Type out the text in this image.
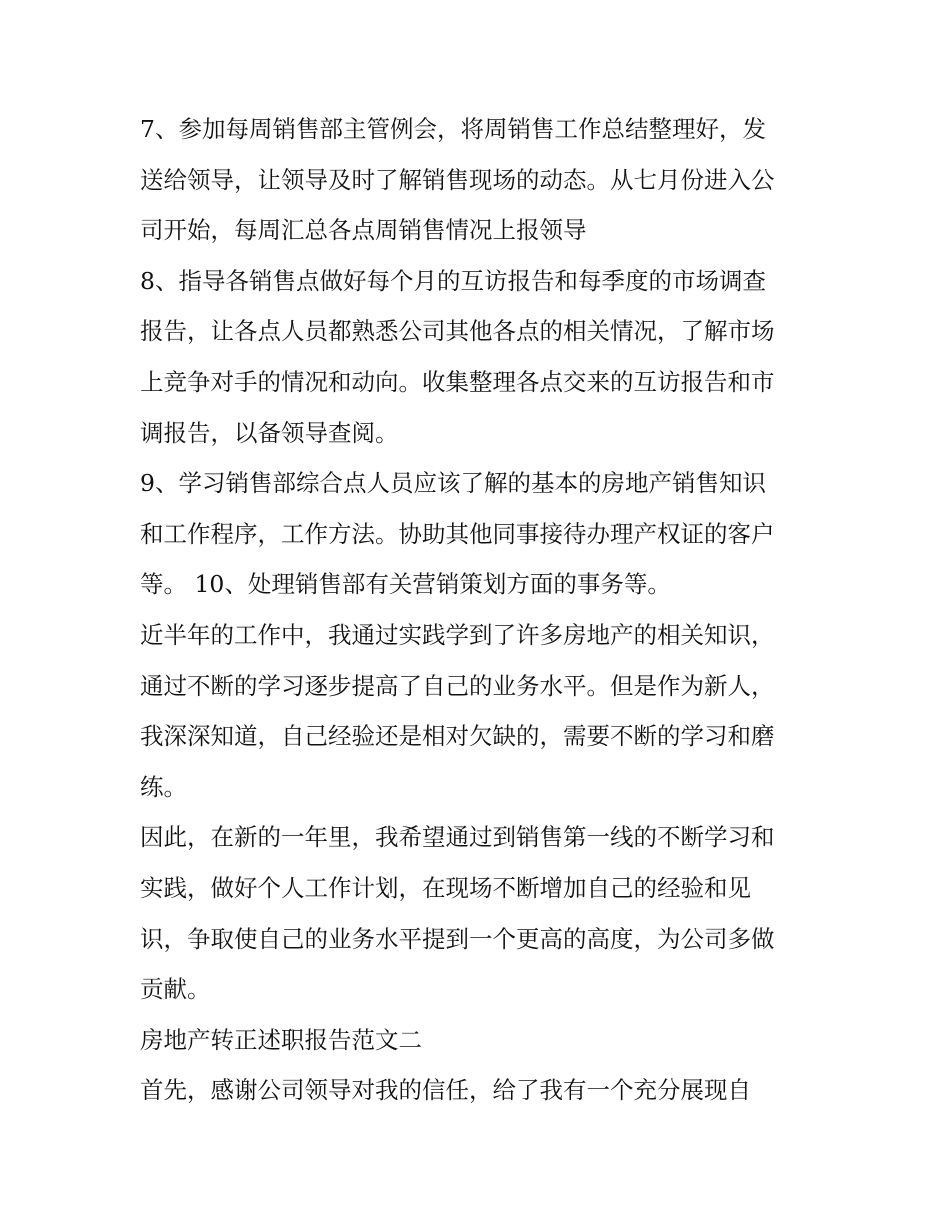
7、参加每周销售部主管例会，将周销售工作总结整理好，发

送给领导，让领导及时了解销售现场的动态。从七月份进入公

司开始，每周汇总各点周销售情况上报领导

8、指导各销售点做好每个月的互访报告和每季度的市场调查

报告，让各点人员都熟悉公司其他各点的相关情况，了解市场

上竞争对手的情况和动向。收集整理各点交来的互访报告和市

调报告，以备领导查阅。

9、学习销售部综合点人员应该了解的基本的房地产销售知识

和工作程序，工作方法。协助其他同事接待办理产权证的客户

等。 10、处理销售部有关营销策划方面的事务等。

近半年的工作中，我通过实践学到了许多房地产的相关知识，

通过不断的学习逐步提高了自己的业务水平。但是作为新人，

我深深知道，自己经验还是相对欠缺的，需要不断的学习和磨

练。

因此，在新的一年里，我希望通过到销售第一线的不断学习和

实践，做好个人工作计划，在现场不断增加自己的经验和见

识，争取使自己的业务水平提到一个更高的高度，为公司多做

贡献。

房地产转正述职报告范文二

首先，感谢公司领导对我的信任，给了我有一个充分展现自
